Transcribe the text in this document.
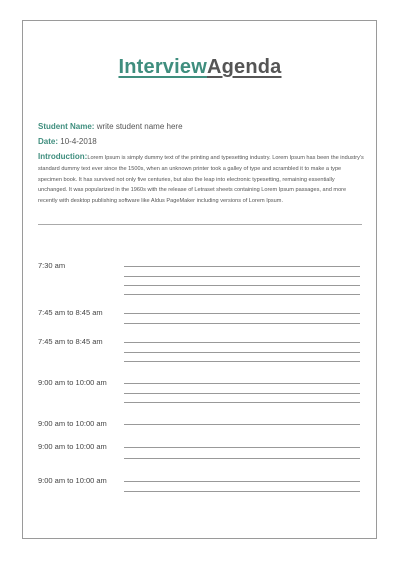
InterviewAgenda
Student Name: write student name here
Date: 10-4-2018
Introduction:Lorem Ipsum is simply dummy text of the printing and typesetting industry. Lorem Ipsum has been the industry's standard dummy text ever since the 1500s, when an unknown printer took a galley of type and scrambled it to make a type specimen book. It has survived not only five centuries, but also the leap into electronic typesetting, remaining essentially unchanged. It was popularized in the 1960s with the release of Letraset sheets containing Lorem Ipsum passages, and more recently with desktop publishing software like Aldus PageMaker including versions of Lorem Ipsum.
7:30 am
7:45 am to 8:45 am
7:45 am to 8:45 am
9:00 am to 10:00 am
9:00 am to 10:00 am
9:00 am to 10:00 am
9:00 am to 10:00 am
